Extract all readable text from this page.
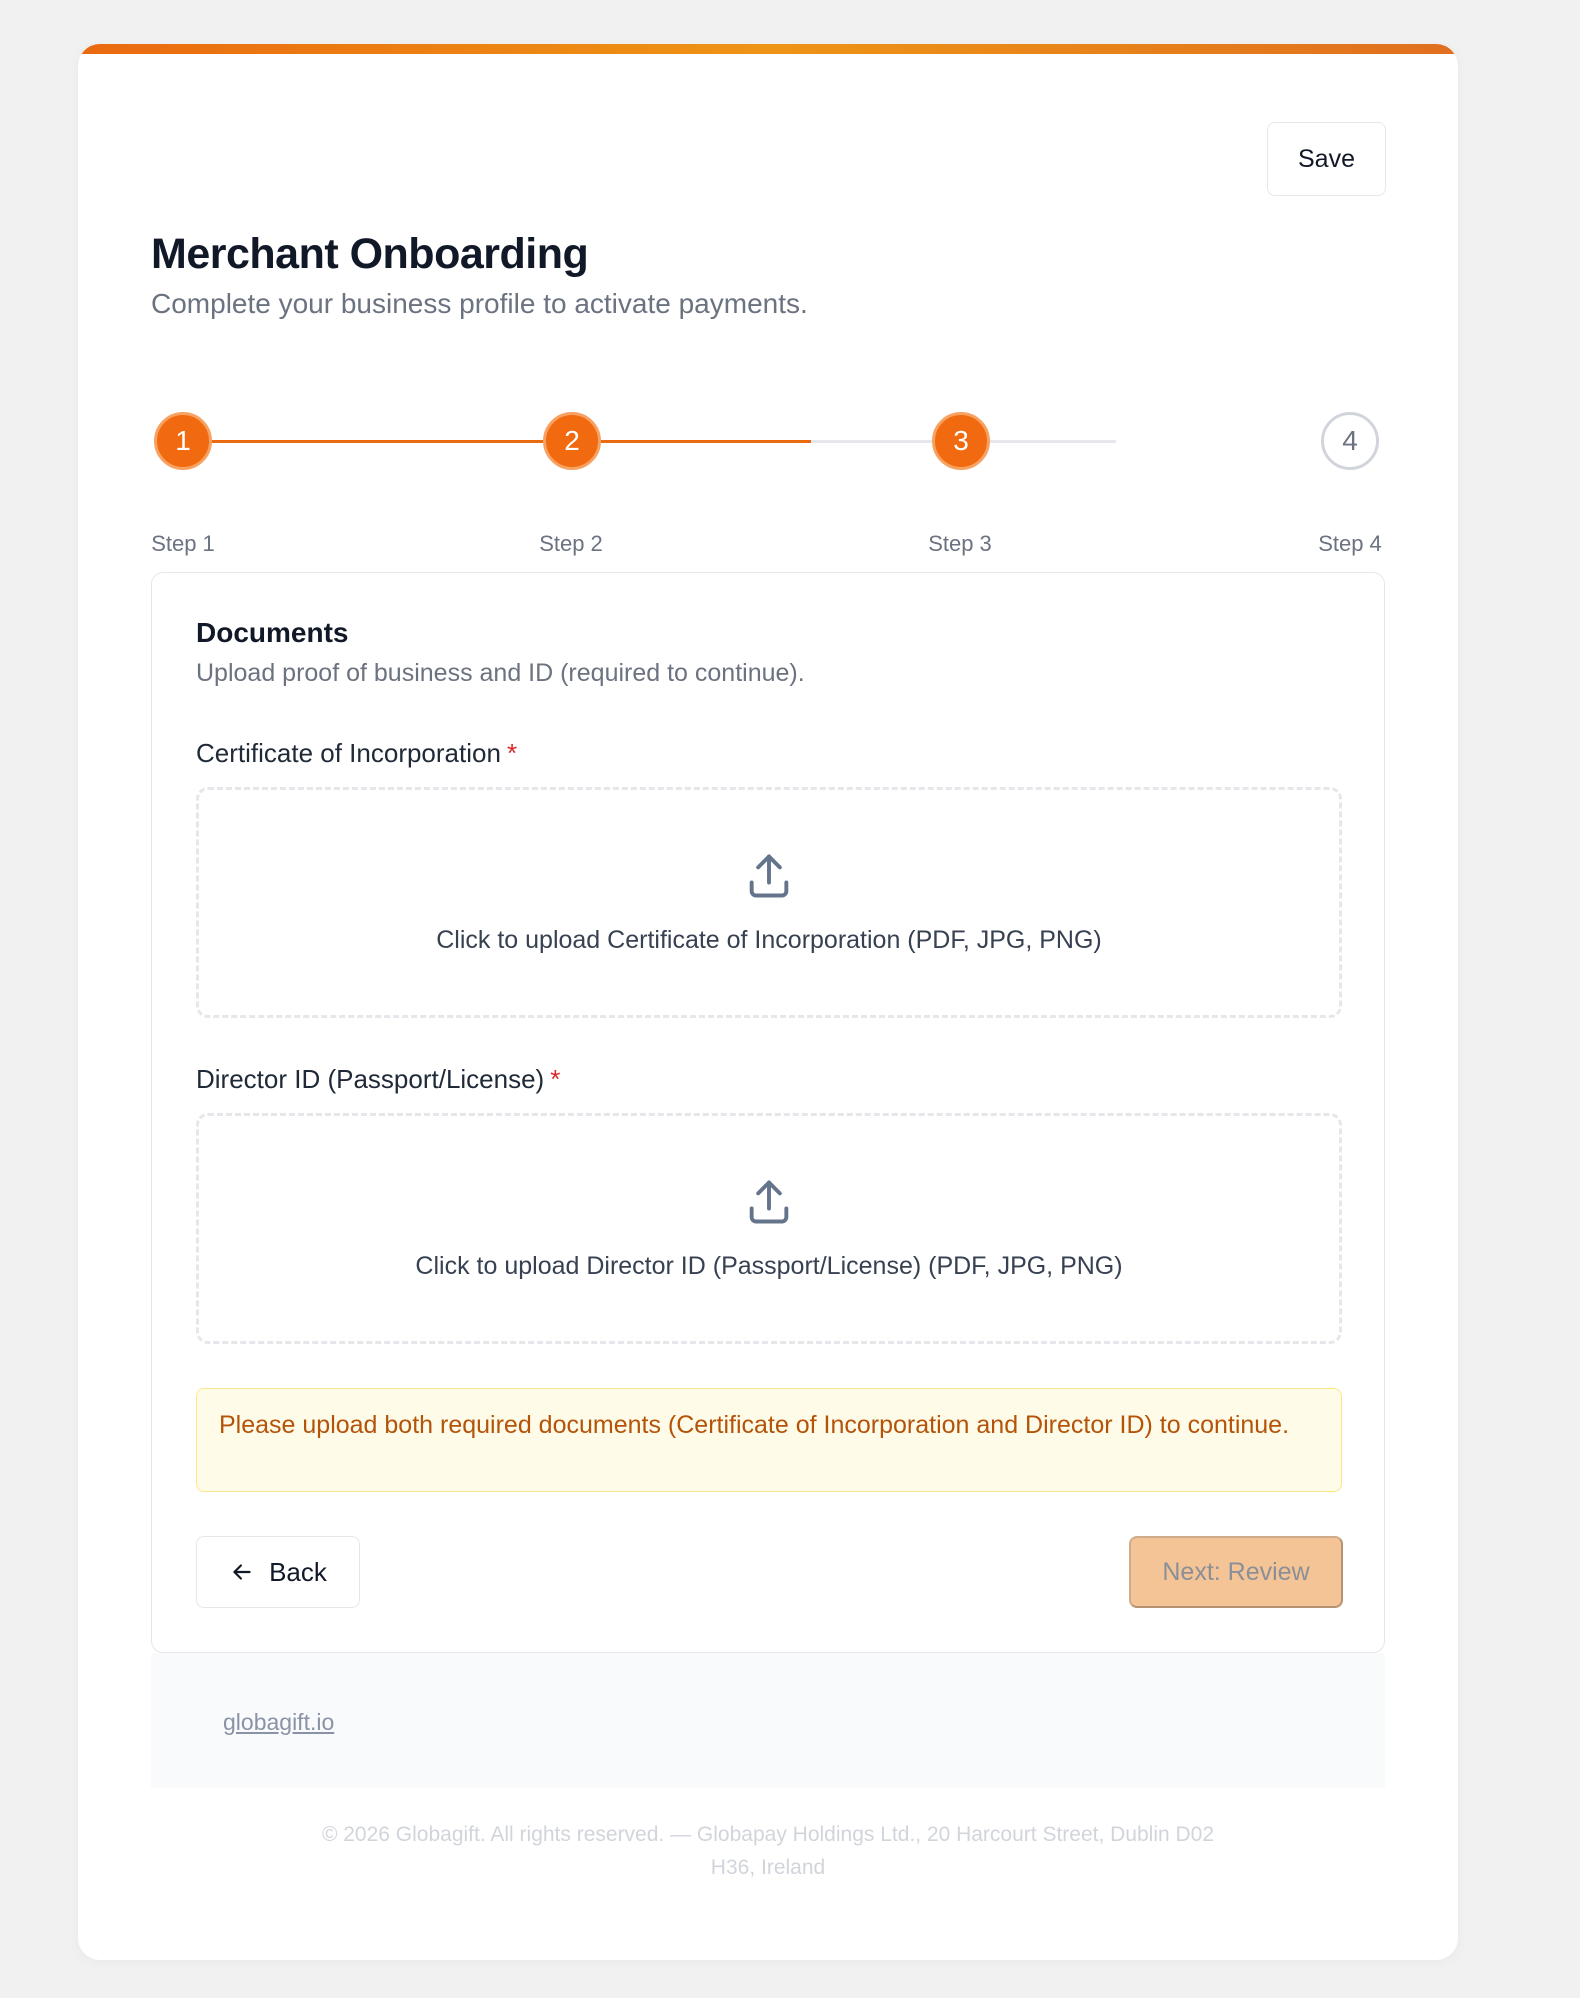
Save
Merchant Onboarding

Complete your business profile to activate payments.

1	2	3	4
Step 1	Step 2	Step 3	Step 4
Documents

Upload proof of business and ID (required to continue).

Certificate of Incorporation *
Click to upload Certificate of Incorporation (PDF, JPG, PNG)
Director ID (Passport/License) *
Click to upload Director ID (Passport/License) (PDF, JPG, PNG)
Please upload both required documents (Certificate of Incorporation and Director ID) to continue.
Back	Next: Review
globagift.io
© 2026 Globagift. All rights reserved. — Globapay Holdings Ltd., 20 Harcourt Street, Dublin D02 H36, Ireland
